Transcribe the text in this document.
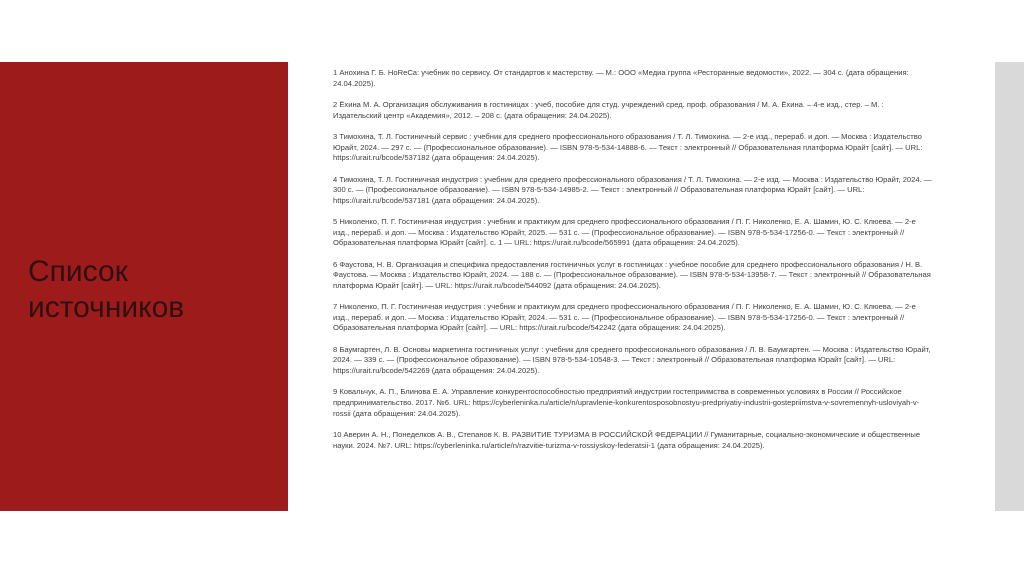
Список
источников

1 Анохина Г. Б. HoReCa: учебник по сервису. От стандартов к мастерству. — М.: ООО «Медиа группа «Ресторанные ведомости», 2022. — 304 с. (дата обращения: 24.04.2025).

2 Ёхина М. А. Организация обслуживания в гостиницах : учеб, пособие для студ. учреждений сред. проф. образования / М. А. Ёхина. – 4-е изд., стер. – М. : Издательский центр «Академия», 2012. – 208 с. (дата обращения: 24.04.2025).

3 Тимохина, Т. Л. Гостиничный сервис : учебник для среднего профессионального образования / Т. Л. Тимохина. — 2-е изд., перераб. и доп. — Москва : Издательство Юрайт, 2024. — 297 с. — (Профессиональное образование). — ISBN 978-5-534-14888-6. — Текст : электронный // Образовательная платформа Юрайт [сайт]. — URL: https://urait.ru/bcode/537182 (дата обращения: 24.04.2025).

4 Тимохина, Т. Л. Гостиничная индустрия : учебник для среднего профессионального образования / Т. Л. Тимохина. — 2-е изд. — Москва : Издательство Юрайт, 2024. — 300 с. — (Профессиональное образование). — ISBN 978-5-534-14985-2. — Текст : электронный // Образовательная платформа Юрайт [сайт]. — URL: https://urait.ru/bcode/537181 (дата обращения: 24.04.2025).

5 Николенко, П. Г. Гостиничная индустрия : учебник и практикум для среднего профессионального образования / П. Г. Николенко, Е. А. Шамин, Ю. С. Клюева. — 2-е изд., перераб. и доп. — Москва : Издательство Юрайт, 2025. — 531 с. — (Профессиональное образование). — ISBN 978-5-534-17256-0. — Текст : электронный // Образовательная платформа Юрайт [сайт]. с. 1 — URL: https://urait.ru/bcode/565991 (дата обращения: 24.04.2025).

6 Фаустова, Н. В. Организация и специфика предоставления гостиничных услуг в гостиницах : учебное пособие для среднего профессионального образования / Н. В. Фаустова. — Москва : Издательство Юрайт, 2024. — 188 с. — (Профессиональное образование). — ISBN 978-5-534-13958-7. — Текст : электронный // Образовательная платформа Юрайт [сайт]. — URL: https://urait.ru/bcode/544092 (дата обращения: 24.04.2025).

7 Николенко, П. Г. Гостиничная индустрия : учебник и практикум для среднего профессионального образования / П. Г. Николенко, Е. А. Шамин, Ю. С. Клюева. — 2-е изд., перераб. и доп. — Москва : Издательство Юрайт, 2024. — 531 с. — (Профессиональное образование). — ISBN 978-5-534-17256-0. — Текст : электронный // Образовательная платформа Юрайт [сайт]. — URL: https://urait.ru/bcode/542242 (дата обращения: 24.04.2025).

8 Баумгартен, Л. В. Основы маркетинга гостиничных услуг : учебник для среднего профессионального образования / Л. В. Баумгартен. — Москва : Издательство Юрайт, 2024. — 339 с. — (Профессиональное образование). — ISBN 978-5-534-10548-3. — Текст : электронный // Образовательная платформа Юрайт [сайт]. — URL: https://urait.ru/bcode/542269 (дата обращения: 24.04.2025).

9 Ковальчук, А. П., Блинова Е. А. Управление конкурентоспособностью предприятий индустрии гостеприимства в современных условиях в России // Российское предпринимательство. 2017. №6. URL: https://cyberleninka.ru/article/n/upravlenie-konkurentosposobnostyu-predpriyatiy-industrii-gostepriimstva-v-sovremennyh-usloviyah-v-rossii (дата обращения: 24.04.2025).

10 Аверин А. Н., Понеделков А. В., Степанов К. В. РАЗВИТИЕ ТУРИЗМА В РОССИЙСКОЙ ФЕДЕРАЦИИ // Гуманитарные, социально-экономические и общественные науки. 2024. №7. URL: https://cyberleninka.ru/article/n/razvitie-turizma-v-rossiyskoy-federatsii-1 (дата обращения: 24.04.2025).
